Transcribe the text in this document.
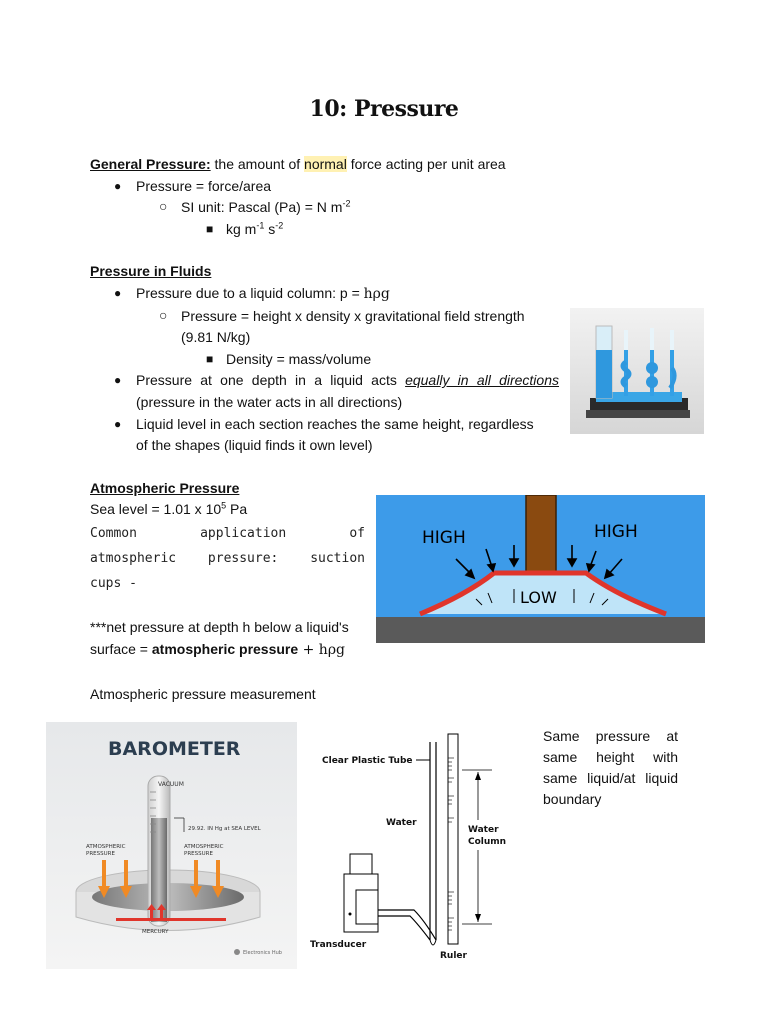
10: Pressure
General Pressure: the amount of normal force acting per unit area
● Pressure = force/area
○ SI unit: Pascal (Pa) = N $m^{-2}$
■ kg $m^{-1}$ $s^{-2}$
Pressure in Fluids
● Pressure due to a liquid column: p = hρg
○ Pressure = height x density x gravitational field strength
(9.81 N/kg)
■ Density = mass/volume
● Pressure at one depth in a liquid acts equally in all directions
(pressure in the water acts in all directions)
● Liquid level in each section reaches the same height, regardless
of the shapes (liquid finds it own level)
Atmospheric Pressure
Sea level = 1.01 x $10^5$ Pa
Common application of
atmospheric pressure: suction
cups -
***net pressure at depth h below a liquid's
surface = atmospheric pressure + hρg
Atmospheric pressure measurement
HIGH	HIGH
LOW
BAROMETER
VACUUM
29.92. IN Hg at SEA LEVEL
ATMOSPHERIC PRESSURE
ATMOSPHERIC PRESSURE
MERCURY
Electronics Hub
Clear Plastic Tube
Water
Water Column
Transducer
Ruler
Same pressure at same height with same liquid/at liquid boundary
